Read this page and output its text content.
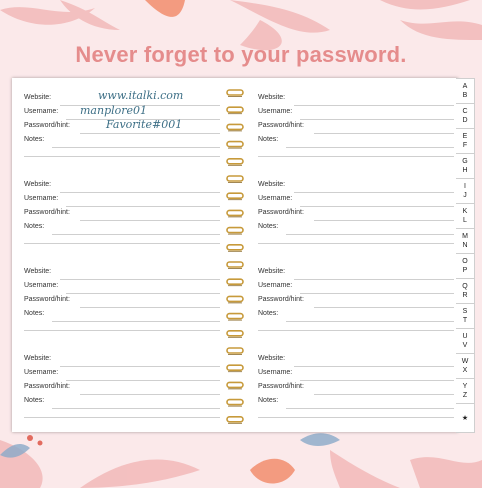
Never forget to your password.
Website:
Username:
Password/hint:
Notes:
www.italki.com
manplore01
Favorite#001
Website:
Username:
Password/hint:
Notes:
Website:
Username:
Password/hint:
Notes:
Website:
Username:
Password/hint:
Notes:
Website:
Username:
Password/hint:
Notes:
Website:
Username:
Password/hint:
Notes:
Website:
Username:
Password/hint:
Notes:
Website:
Username:
Password/hint:
Notes:
A
B
C
D
E
F
G
H
I
J
K
L
M
N
O
P
Q
R
S
T
U
V
W
X
Y
Z
★
